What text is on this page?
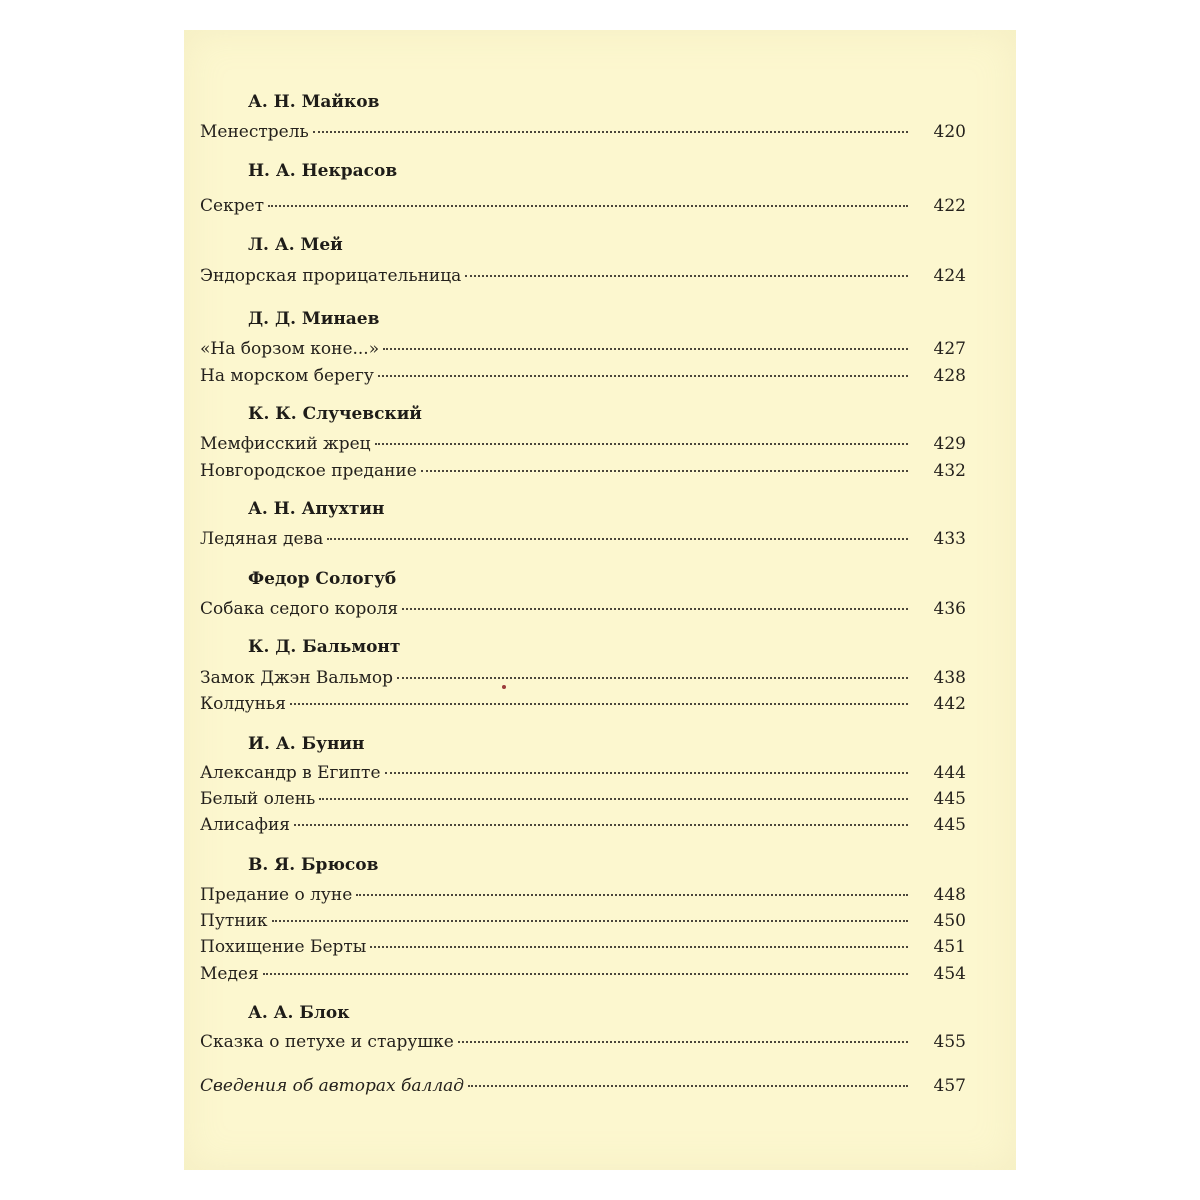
А. Н. Майков
Менестрель	420
Н. А. Некрасов
Секрет	422
Л. А. Мей
Эндорская прорицательница	424
Д. Д. Минаев
«На борзом коне...»	427
На морском берегу	428
К. К. Случевский
Мемфисский жрец	429
Новгородское предание	432
А. Н. Апухтин
Ледяная дева	433
Федор Сологуб
Собака седого короля	436
К. Д. Бальмонт
Замок Джэн Вальмор	438
Колдунья	442
И. А. Бунин
Александр в Египте	444
Белый олень	445
Алисафия	445
В. Я. Брюсов
Предание о луне	448
Путник	450
Похищение Берты	451
Медея	454
А. А. Блок
Сказка о петухе и старушке	455
Сведения об авторах баллад	457
